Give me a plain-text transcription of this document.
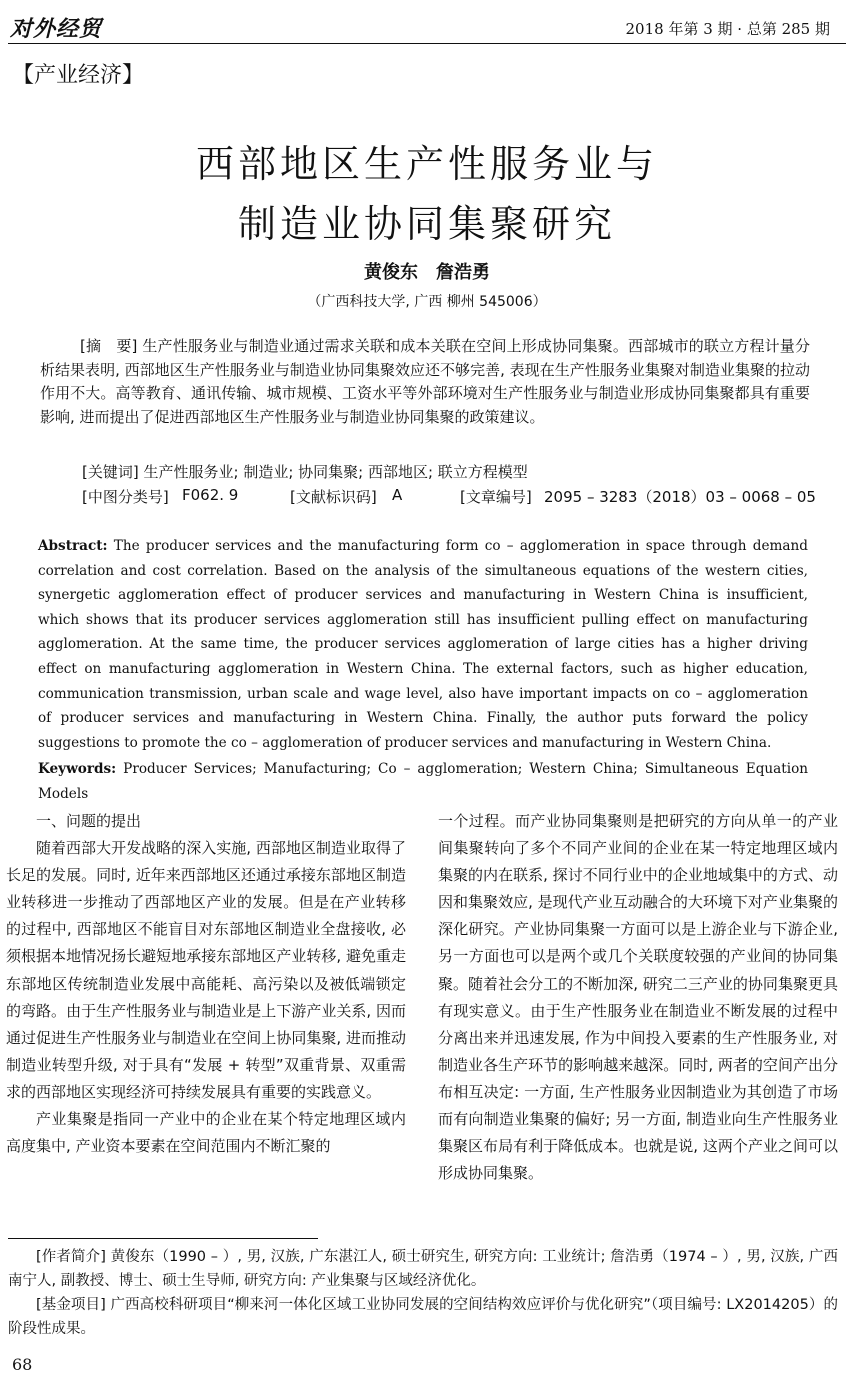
对外经贸	2018 年第 3 期 · 总第 285 期
【产业经济】
西部地区生产性服务业与
制造业协同集聚研究
黄俊东　詹浩勇
（广西科技大学, 广西 柳州 545006）
[摘　要] 生产性服务业与制造业通过需求关联和成本关联在空间上形成协同集聚。西部城市的联立方程计量分析结果表明, 西部地区生产性服务业与制造业协同集聚效应还不够完善, 表现在生产性服务业集聚对制造业集聚的拉动作用不大。高等教育、通讯传输、城市规模、工资水平等外部环境对生产性服务业与制造业形成协同集聚都具有重要影响, 进而提出了促进西部地区生产性服务业与制造业协同集聚的政策建议。
[关键词] 生产性服务业; 制造业; 协同集聚; 西部地区; 联立方程模型
[中图分类号] F062. 9	[文献标识码] A	[文章编号] 2095 – 3283（2018）03 – 0068 – 05
Abstract: The producer services and the manufacturing form co – agglomeration in space through demand correlation and cost correlation. Based on the analysis of the simultaneous equations of the western cities, synergetic agglomeration effect of producer services and manufacturing in Western China is insufficient, which shows that its producer services agglomeration still has insufficient pulling effect on manufacturing agglomeration. At the same time, the producer services agglomeration of large cities has a higher driving effect on manufacturing agglomeration in Western China. The external factors, such as higher education, communication transmission, urban scale and wage level, also have important impacts on co – agglomeration of producer services and manufacturing in Western China. Finally, the author puts forward the policy suggestions to promote the co – agglomeration of producer services and manufacturing in Western China.
Keywords: Producer Services; Manufacturing; Co – agglomeration; Western China; Simultaneous Equation Models

一、问题的提出

随着西部大开发战略的深入实施, 西部地区制造业取得了长足的发展。同时, 近年来西部地区还通过承接东部地区制造业转移进一步推动了西部地区产业的发展。但是在产业转移的过程中, 西部地区不能盲目对东部地区制造业全盘接收, 必须根据本地情况扬长避短地承接东部地区产业转移, 避免重走东部地区传统制造业发展中高能耗、高污染以及被低端锁定的弯路。由于生产性服务业与制造业是上下游产业关系, 因而通过促进生产性服务业与制造业在空间上协同集聚, 进而推动制造业转型升级, 对于具有“发展 + 转型”双重背景、双重需求的西部地区实现经济可持续发展具有重要的实践意义。

产业集聚是指同一产业中的企业在某个特定地理区域内高度集中, 产业资本要素在空间范围内不断汇聚的

一个过程。而产业协同集聚则是把研究的方向从单一的产业间集聚转向了多个不同产业间的企业在某一特定地理区域内集聚的内在联系, 探讨不同行业中的企业地域集中的方式、动因和集聚效应, 是现代产业互动融合的大环境下对产业集聚的深化研究。产业协同集聚一方面可以是上游企业与下游企业, 另一方面也可以是两个或几个关联度较强的产业间的协同集聚。随着社会分工的不断加深, 研究二三产业的协同集聚更具有现实意义。由于生产性服务业在制造业不断发展的过程中分离出来并迅速发展, 作为中间投入要素的生产性服务业, 对制造业各生产环节的影响越来越深。同时, 两者的空间产出分布相互决定: 一方面, 生产性服务业因制造业为其创造了市场而有向制造业集聚的偏好; 另一方面, 制造业向生产性服务业集聚区布局有利于降低成本。也就是说, 这两个产业之间可以形成协同集聚。

[作者简介] 黄俊东（1990 – ）, 男, 汉族, 广东湛江人, 硕士研究生, 研究方向: 工业统计; 詹浩勇（1974 – ）, 男, 汉族, 广西南宁人, 副教授、博士、硕士生导师, 研究方向: 产业集聚与区域经济优化。

[基金项目] 广西高校科研项目“柳来河一体化区域工业协同发展的空间结构效应评价与优化研究”（项目编号: LX2014205）的阶段性成果。

68
